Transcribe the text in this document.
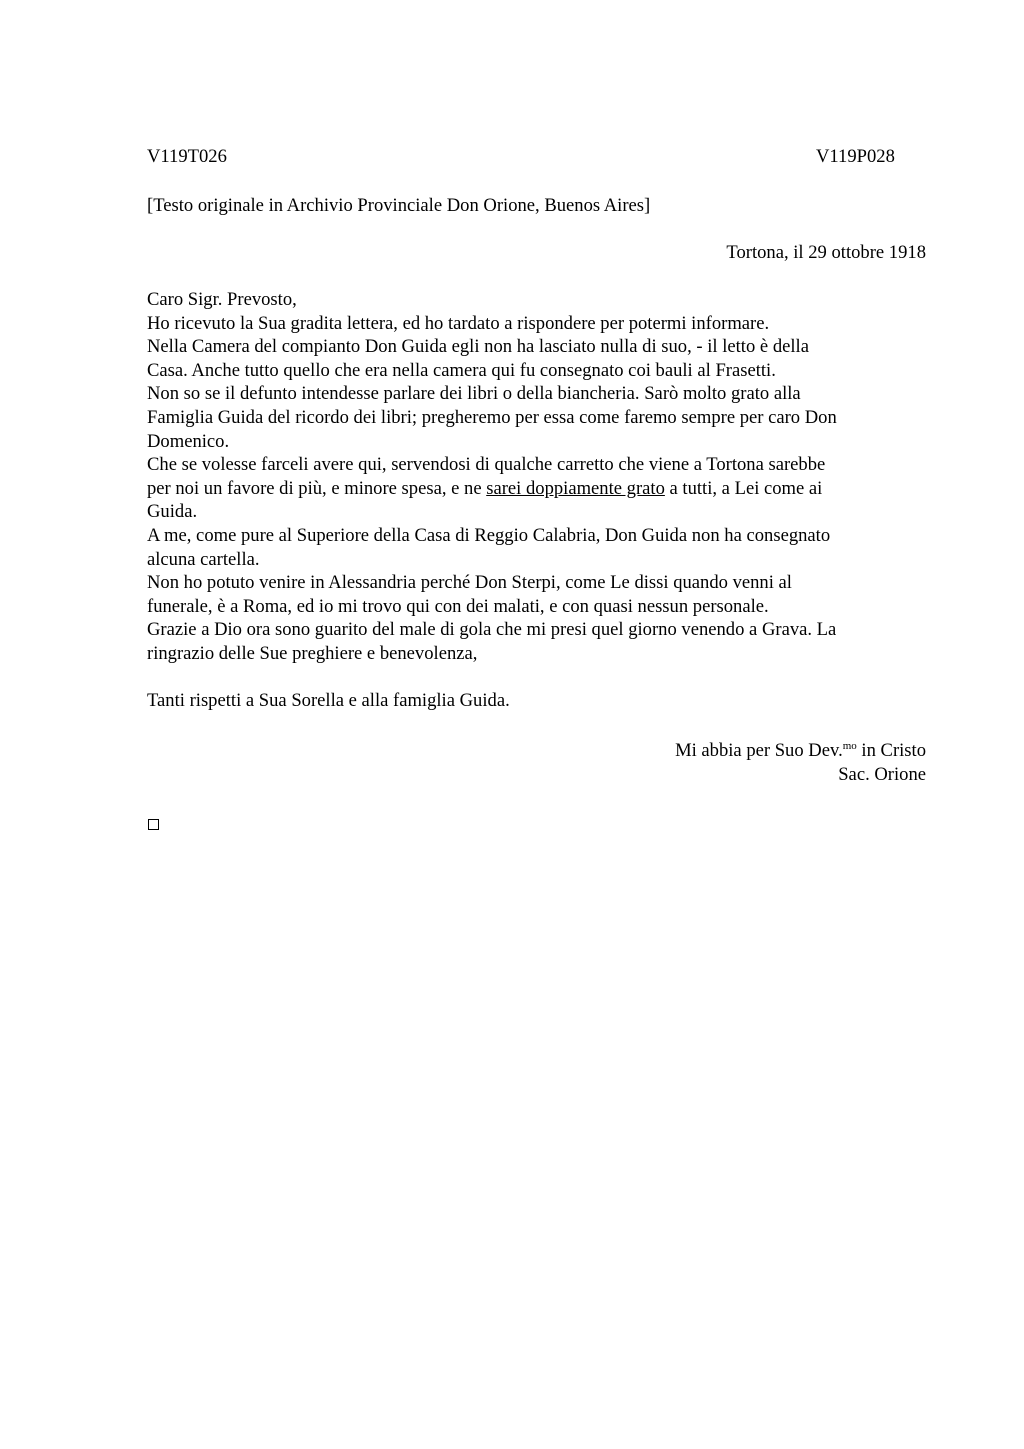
V119T026	V119P028
[Testo originale in Archivio Provinciale Don Orione, Buenos Aires]
Tortona, il 29 ottobre 1918
Caro Sigr. Prevosto,
Ho ricevuto la Sua gradita lettera, ed ho tardato a rispondere per potermi informare.
Nella Camera del compianto Don Guida egli non ha lasciato nulla di suo, - il letto è della
Casa. Anche tutto quello che era nella camera qui fu consegnato coi bauli al Frasetti.
Non so se il defunto intendesse parlare dei libri o della biancheria. Sarò molto grato alla
Famiglia Guida del ricordo dei libri; pregheremo per essa come faremo sempre per caro Don
Domenico.
Che se volesse farceli avere qui, servendosi di qualche carretto che viene a Tortona sarebbe
per noi un favore di più, e minore spesa, e ne sarei doppiamente grato a tutti, a Lei come ai
Guida.
A me, come pure al Superiore della Casa di Reggio Calabria, Don Guida non ha consegnato
alcuna cartella.
Non ho potuto venire in Alessandria perché Don Sterpi, come Le dissi quando venni al
funerale, è a Roma, ed io mi trovo qui con dei malati, e con quasi nessun personale.
Grazie a Dio ora sono guarito del male di gola che mi presi quel giorno venendo a Grava. La
ringrazio delle Sue preghiere e benevolenza,
Tanti rispetti a Sua Sorella e alla famiglia Guida.
Mi abbia per Suo Dev.$^{mo}$ in Cristo
Sac. Orione
